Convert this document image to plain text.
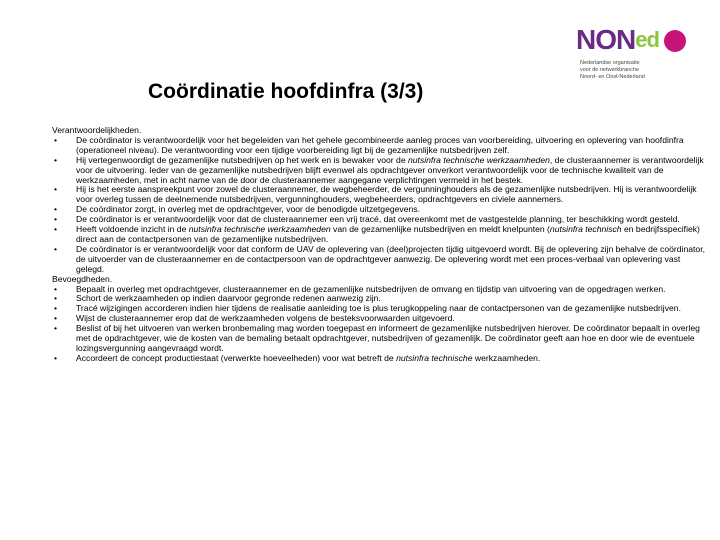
NONed
Nederlandse organisatie
voor de netwerkbranche
Noord- en Oost-Nederland
Coördinatie hoofdinfra (3/3)
Verantwoordelijkheden.
• De coördinator is verantwoordelijk voor het begeleiden van het gehele gecombineerde aanleg proces van voorbereiding, uitvoering en oplevering van hoofdinfra (operationeel niveau). De verantwoording voor een tijdige voorbereiding ligt bij de gezamenlijke nutsbedrijven zelf.
• Hij vertegenwoordigt de gezamenlijke nutsbedrijven op het werk en is bewaker voor de nutsinfra technische werkzaamheden, de clusteraannemer is verantwoordelijk voor de uitvoering. Ieder van de gezamenlijke nutsbedrijven blijft evenwel als opdrachtgever onverkort verantwoordelijk voor de technische kwaliteit van de werkzaamheden, met in acht name van de door de clusteraannemer aangegane verplichtingen vermeld in het bestek.
• Hij is het eerste aanspreekpunt voor zowel de clusteraannemer, de wegbeheerder, de vergunninghouders als de gezamenlijke nutsbedrijven. Hij is verantwoordelijk voor overleg tussen de deelnemende nutsbedrijven, vergunninghouders, wegbeheerders, opdrachtgevers en civiele aannemers.
• De coördinator zorgt, in overleg met de opdrachtgever, voor de benodigde uitzetgegevens.
• De coördinator is er verantwoordelijk voor dat de clusteraannemer een vrij tracé, dat overeenkomt met de vastgestelde planning, ter beschikking wordt gesteld.
• Heeft voldoende inzicht in de nutsinfra technische werkzaamheden van de gezamenlijke nutsbedrijven en meldt knelpunten (nutsinfra technisch en bedrijfsspecifiek) direct aan de contactpersonen van de gezamenlijke nutsbedrijven.
• De coördinator is er verantwoordelijk voor dat conform de UAV de oplevering van (deel)projecten tijdig uitgevoerd wordt. Bij de oplevering zijn behalve de coördinator, de uitvoerder van de clusteraannemer en de contactpersoon van de opdrachtgever aanwezig. De oplevering wordt met een proces-verbaal van oplevering vast gelegd.
Bevoegdheden.
• Bepaalt in overleg met opdrachtgever, clusteraannemer en de gezamenlijke nutsbedrijven de omvang en tijdstip van uitvoering van de opgedragen werken.
• Schort de werkzaamheden op indien daarvoor gegronde redenen aanwezig zijn.
• Tracé wijzigingen accorderen indien hier tijdens de realisatie aanleiding toe is plus terugkoppeling naar de contactpersonen van de gezamenlijke nutsbedrijven.
• Wijst de clusteraannemer erop dat de werkzaamheden volgens de besteksvoorwaarden uitgevoerd.
• Beslist of bij het uitvoeren van werken bronbemaling mag worden toegepast en informeert de gezamenlijke nutsbedrijven hierover. De coördinator bepaalt in overleg met de opdrachtgever, wie de kosten van de bemaling betaalt opdrachtgever, nutsbedrijven of gezamenlijk. De coördinator geeft aan hoe en door wie de eventuele lozingsvergunning aangevraagd wordt.
• Accordeert de concept productiestaat (verwerkte hoeveelheden) voor wat betreft de nutsinfra technische werkzaamheden.
